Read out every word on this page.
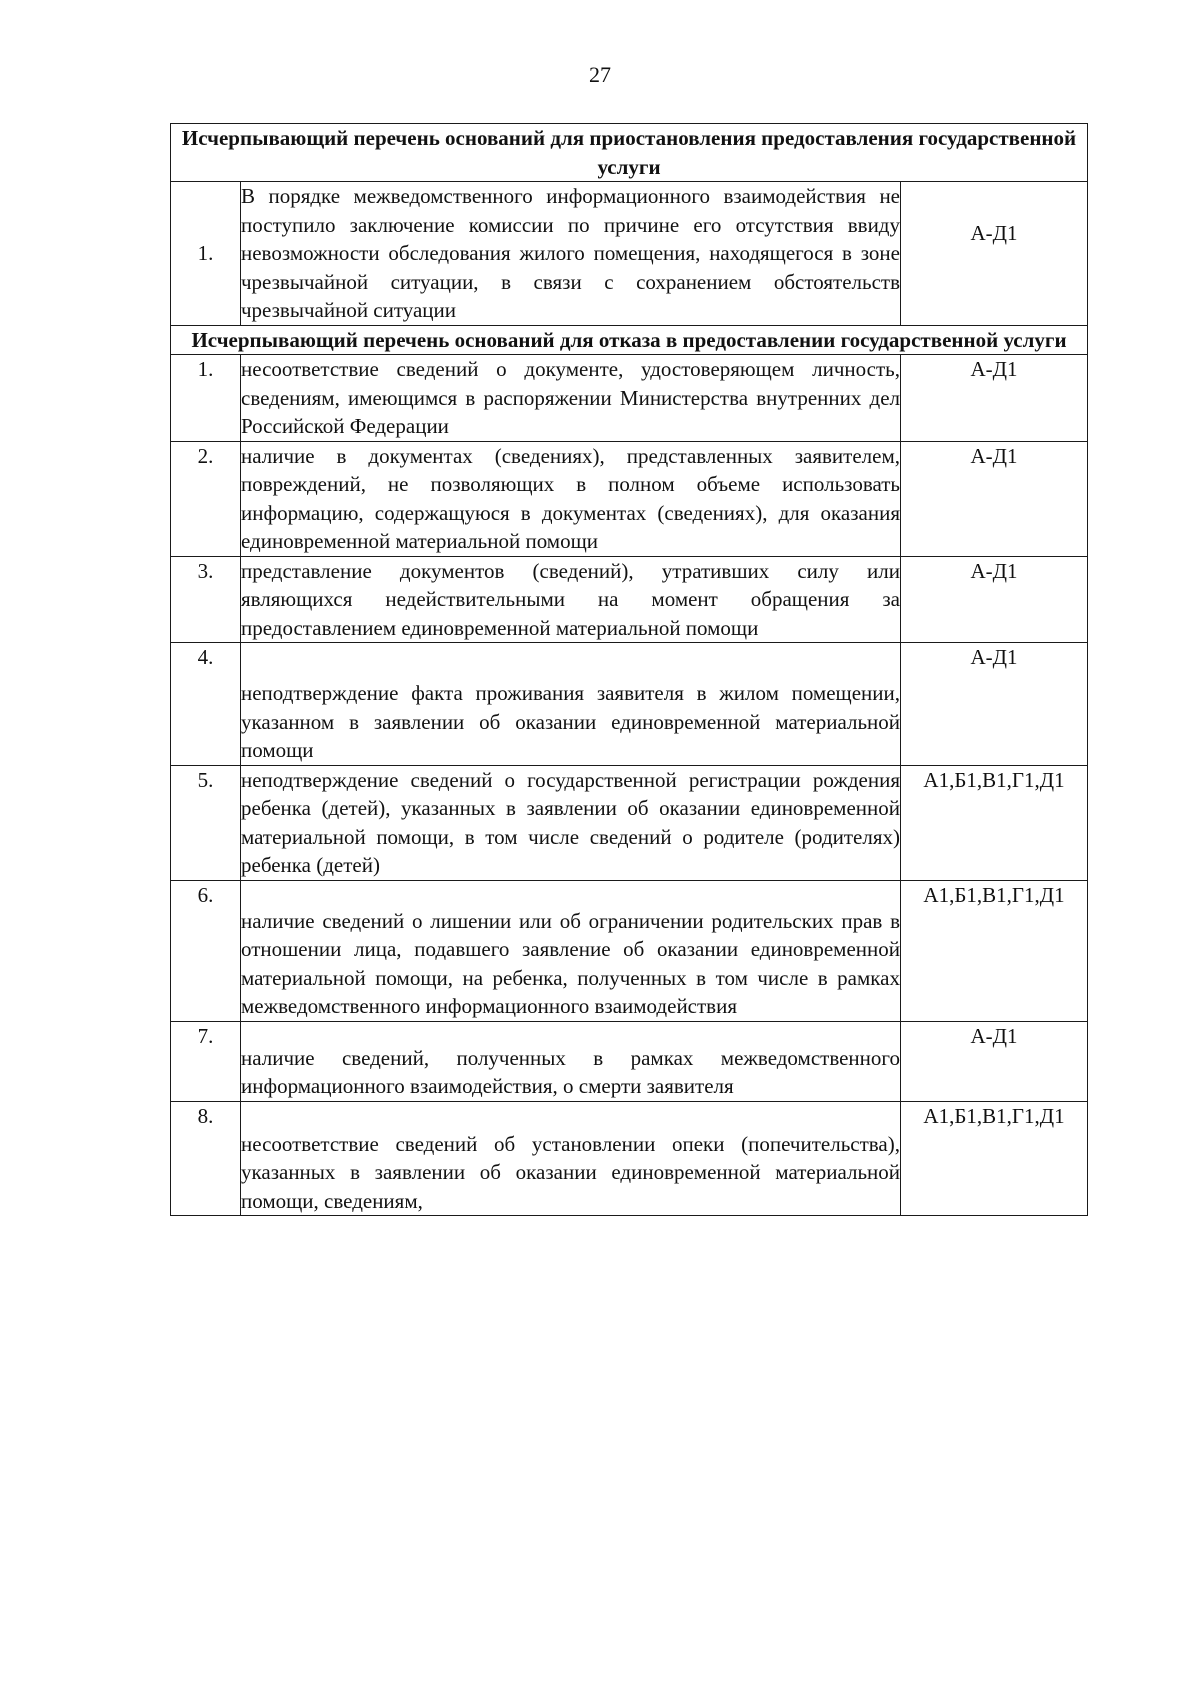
27
Исчерпывающий перечень оснований для приостановления предоставления государственной услуги		
1.	В порядке межведомственного информационного взаимодействия не поступило заключение комиссии по причине его отсутствия ввиду невозможности обследования жилого помещения, находящегося в зоне чрезвычайной ситуации, в связи с сохранением обстоятельств чрезвычайной ситуации	А-Д1
Исчерпывающий перечень оснований для отказа в предоставлении государственной услуги		
1.	несоответствие сведений о документе, удостоверяющем личность, сведениям, имеющимся в распоряжении Министерства внутренних дел Российской Федерации	А-Д1
2.	наличие в документах (сведениях), представленных заявителем, повреждений, не позволяющих в полном объеме использовать информацию, содержащуюся в документах (сведениях), для оказания единовременной материальной помощи	А-Д1
3.	представление документов (сведений), утративших силу или являющихся недействительными на момент обращения за предоставлением единовременной материальной помощи	А-Д1
4.	неподтверждение факта проживания заявителя в жилом помещении, указанном в заявлении об оказании единовременной материальной помощи	А-Д1
5.	неподтверждение сведений о государственной регистрации рождения ребенка (детей), указанных в заявлении об оказании единовременной материальной помощи, в том числе сведений о родителе (родителях) ребенка (детей)	А1,Б1,В1,Г1,Д1
6.	наличие сведений о лишении или об ограничении родительских прав в отношении лица, подавшего заявление об оказании единовременной материальной помощи, на ребенка, полученных в том числе в рамках межведомственного информационного взаимодействия	А1,Б1,В1,Г1,Д1
7.	наличие сведений, полученных в рамках межведомственного информационного взаимодействия, о смерти заявителя	А-Д1
8.	несоответствие сведений об установлении опеки (попечительства), указанных в заявлении об оказании единовременной материальной помощи, сведениям,	А1,Б1,В1,Г1,Д1
